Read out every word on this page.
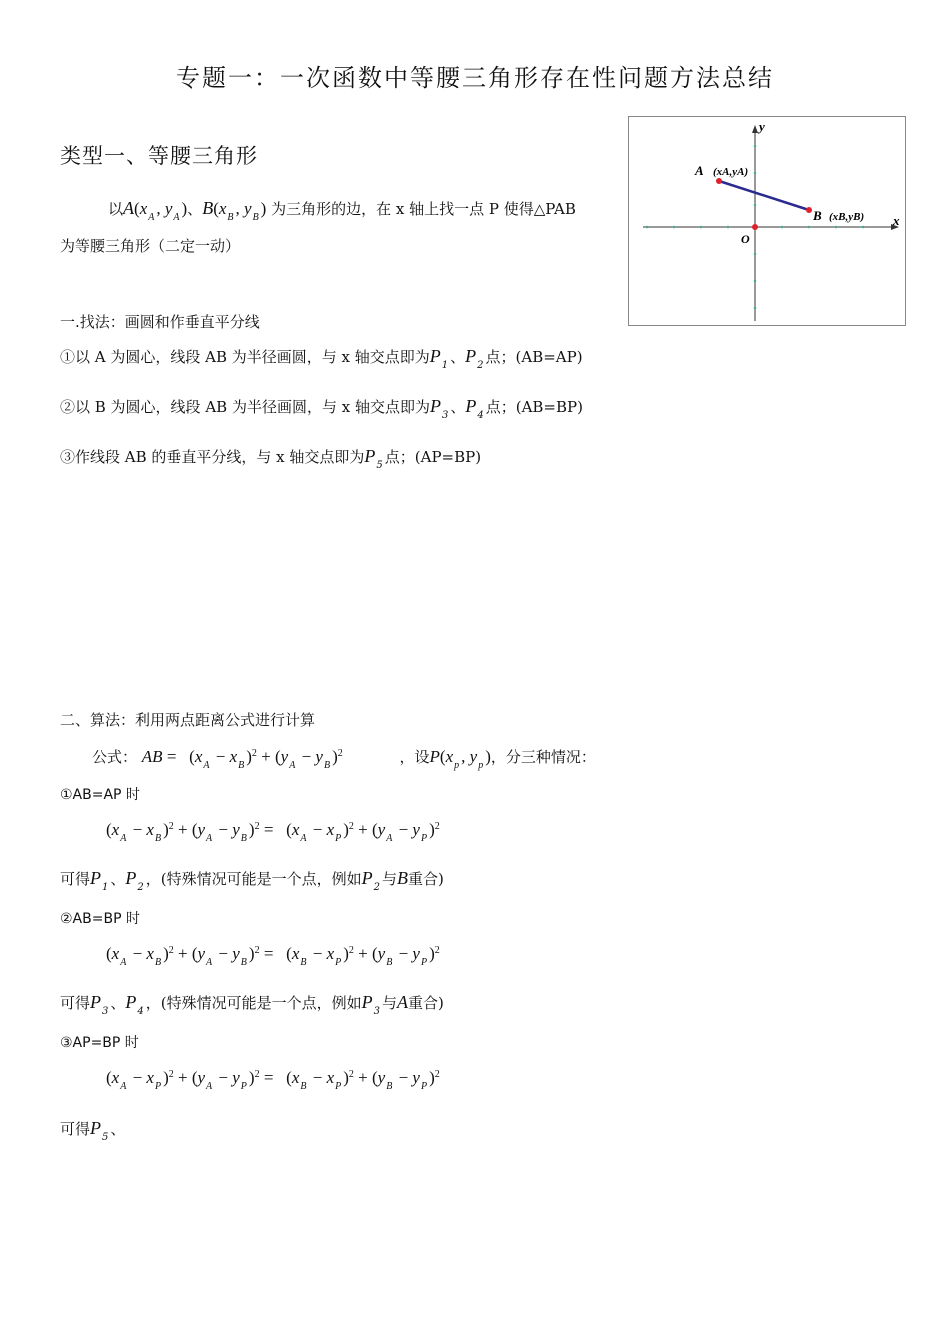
专题一：一次函数中等腰三角形存在性问题方法总结
类型一、等腰三角形
以$A(x_A$ , $y_A$ )、$B(x_B$ , $y_B$ ) 为三角形的边，在 x 轴上找一点 P 使得△PAB
为等腰三角形（二定一动）
A (xA,yA)
B (xB,yB)
O
x
y
一.找法：画圆和作垂直平分线
①以 A 为圆心，线段 AB 为半径画圆，与 x 轴交点即为$P_1$ 、$P_2$ 点；(AB=AP)
②以 B 为圆心，线段 AB 为半径画圆，与 x 轴交点即为$P_3$ 、$P_4$ 点；(AB=BP)
③作线段 AB 的垂直平分线，与 x 轴交点即为$P_5$ 点；(AP=BP)
二、算法：利用两点距离公式进行计算
公式： AB =   ($x_A - x_B$ )$^2 + (y_A - y_B$ )$^2$	，设$P(x_p$ , $y_p$ )，分三种情况：
①AB=AP 时
($x_A - x_B$ )$^2 + (y_A - y_B$ )$^2 = (x_A - x_P$ )$^2 + (y_A - y_P$ )$^2$
可得$P_1$ 、$P_2$ ，(特殊情况可能是一个点，例如$P_2$ 与B重合)
②AB=BP 时
($x_A - x_B$ )$^2 + (y_A - y_B$ )$^2 = (x_B - x_P$ )$^2 + (y_B - y_P$ )$^2$
可得$P_3$ 、$P_4$ ，(特殊情况可能是一个点，例如$P_3$ 与A重合)
③AP=BP 时
($x_A - x_P$ )$^2 + (y_A - y_P$ )$^2 = (x_B - x_P$ )$^2 + (y_B - y_P$ )$^2$
可得$P_5$ 、
